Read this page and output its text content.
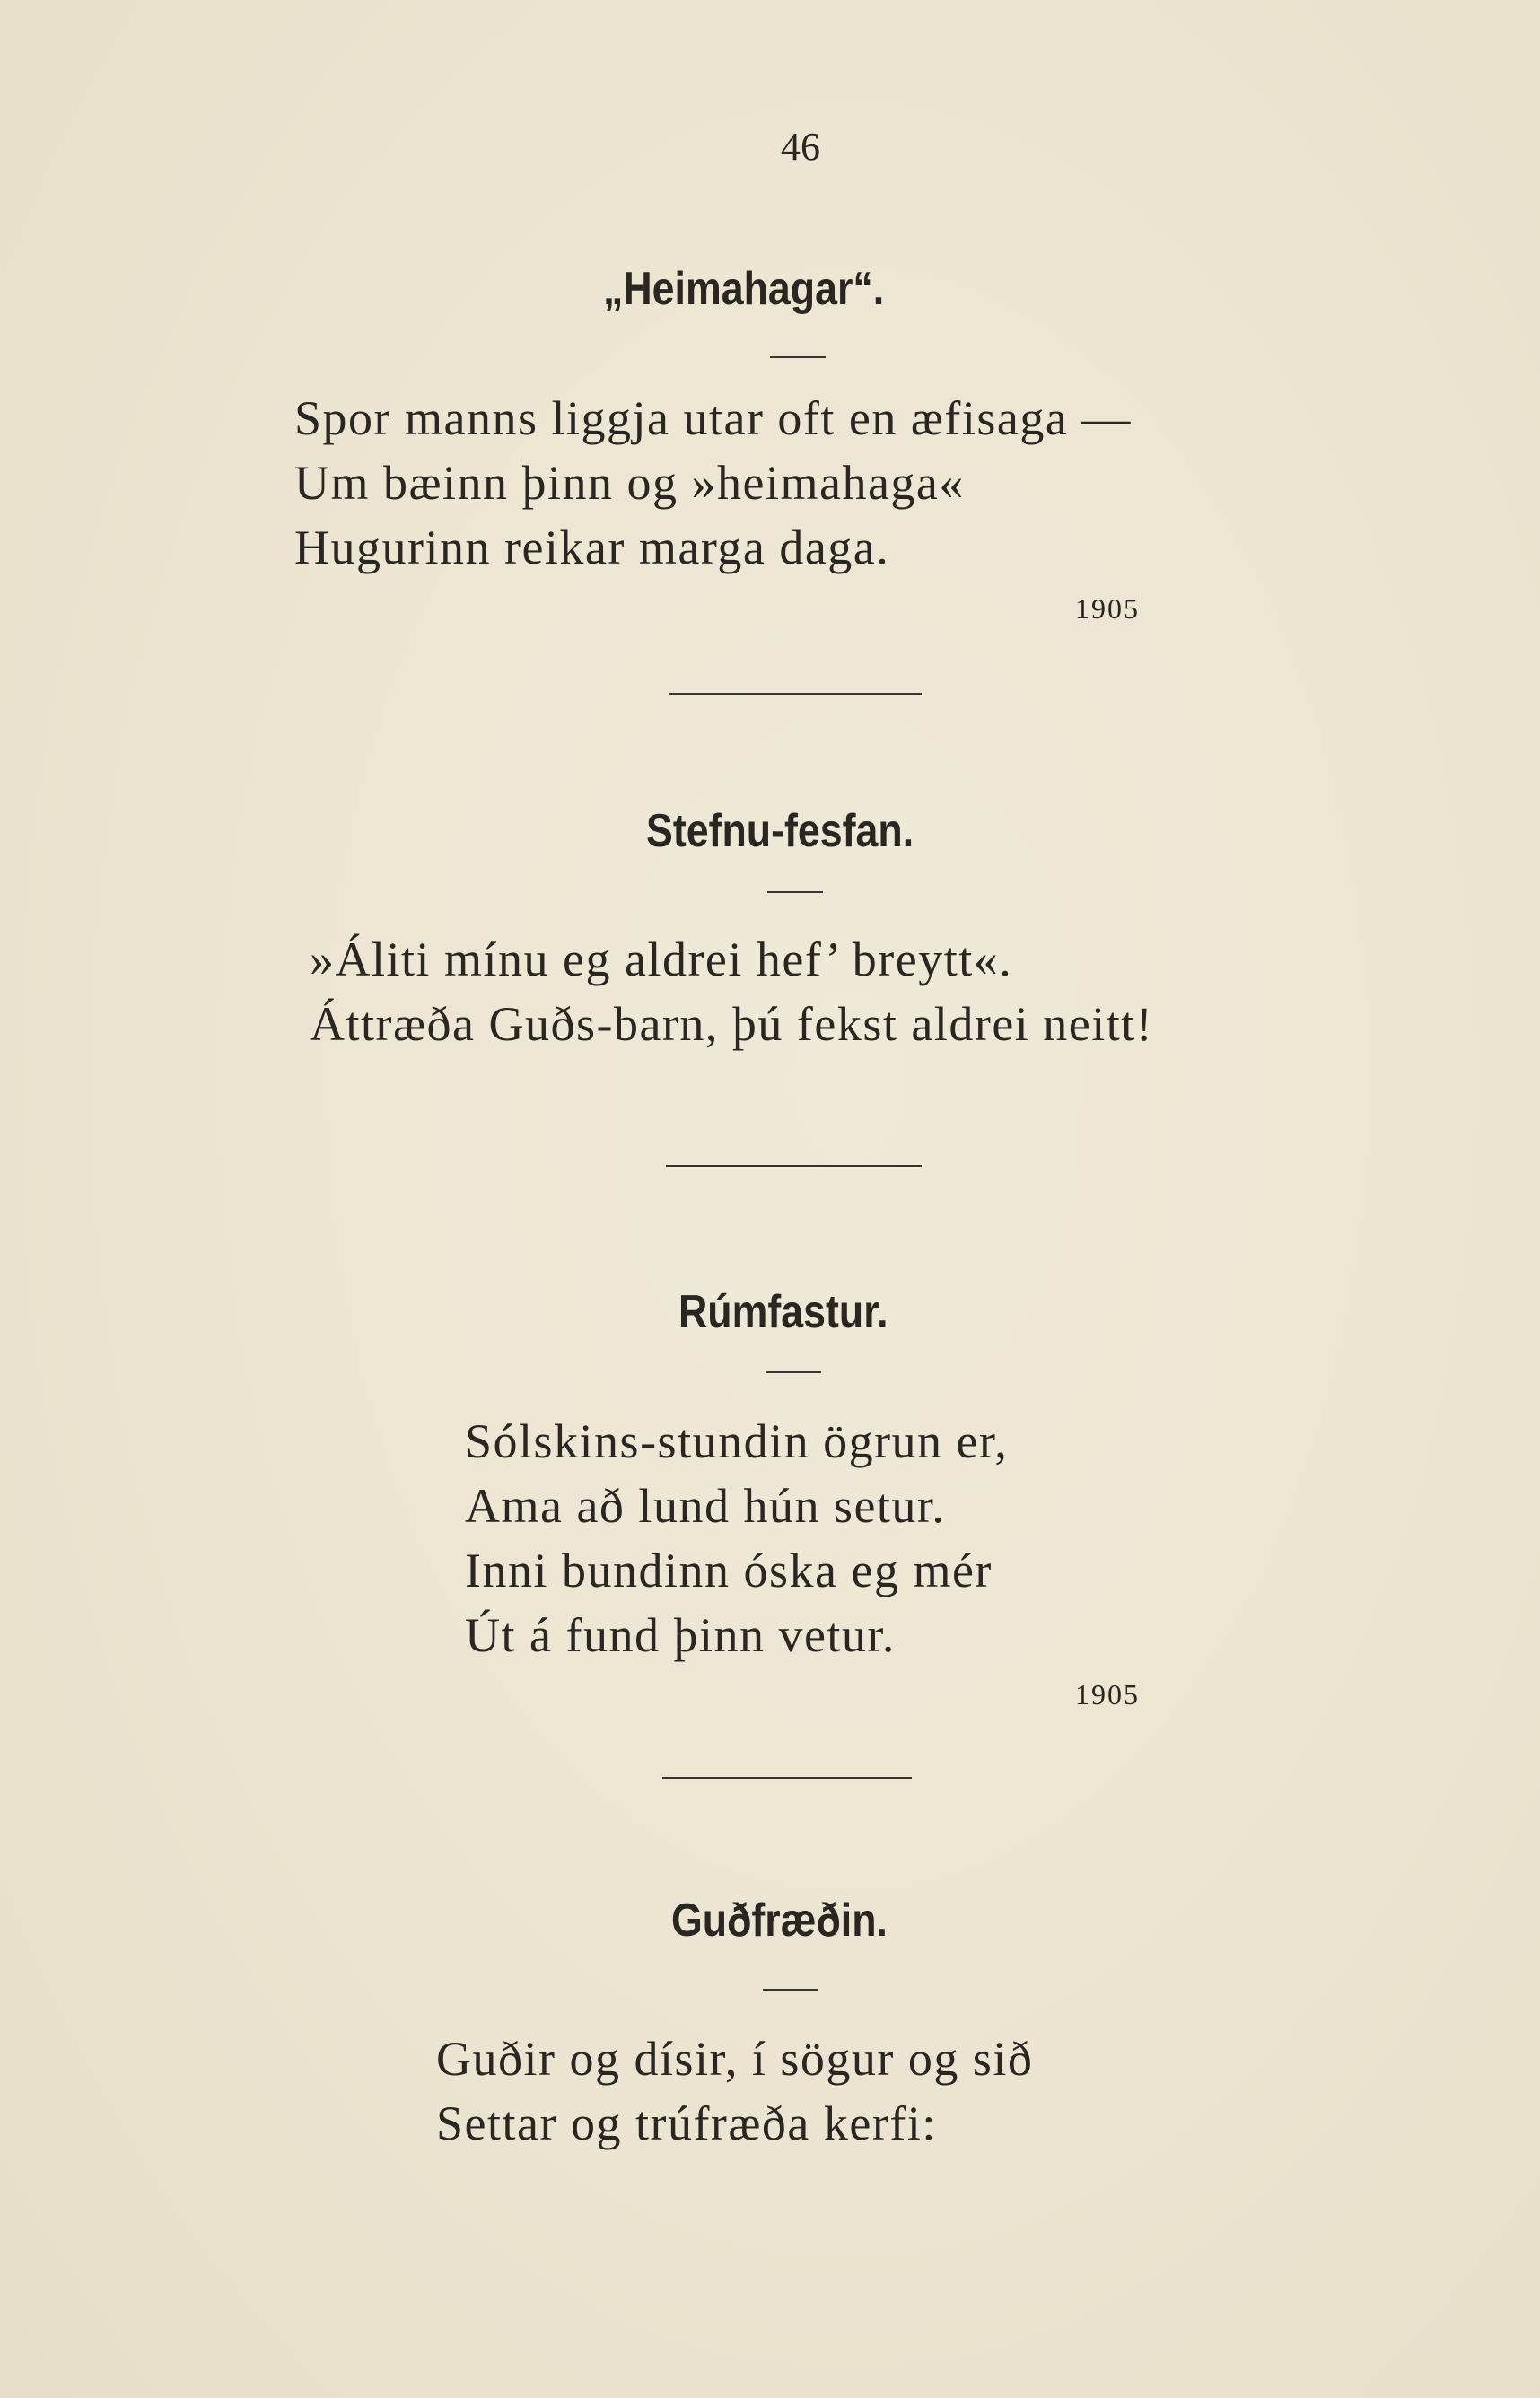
46
„Heimahagar“.
Spor manns liggja utar oft en æfisaga —
Um bæinn þinn og »heimahaga«
Hugurinn reikar marga daga.
1905
Stefnu-fesfan.
»Áliti mínu eg aldrei hef’ breytt«.
Áttræða Guðs-barn, þú fekst aldrei neitt!
Rúmfastur.
Sólskins-stundin ögrun er,
Ama að lund hún setur.
Inni bundinn óska eg mér
Út á fund þinn vetur.
1905
Guðfræðin.
Guðir og dísir, í sögur og sið
Settar og trúfræða kerfi:
